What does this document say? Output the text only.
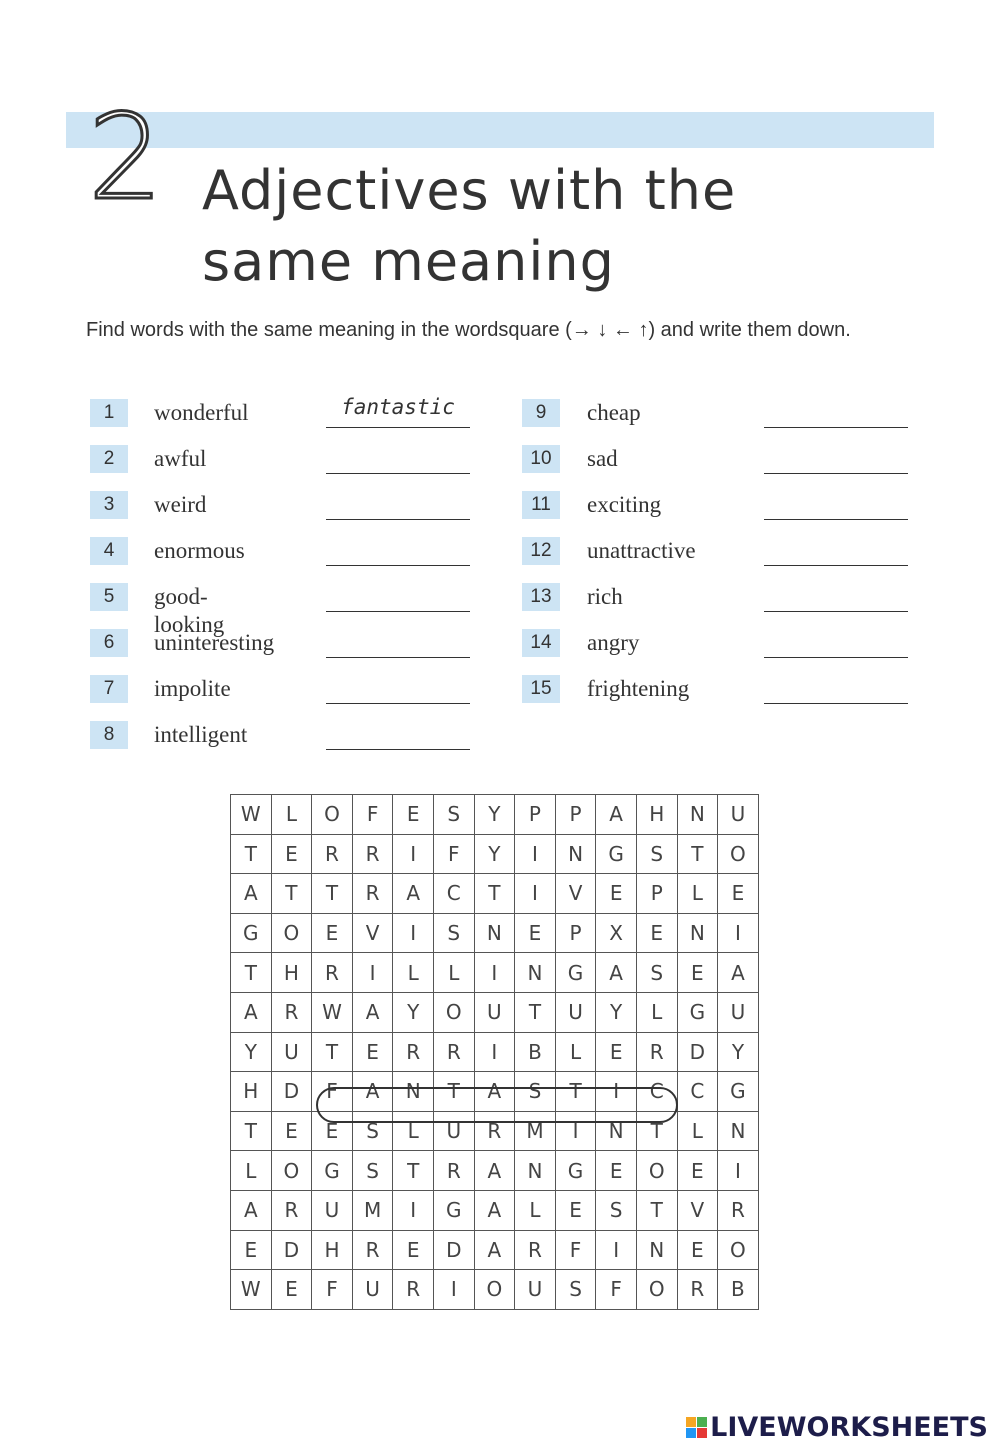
2 Adjectives with the
same meaning

Find words with the same meaning in the wordsquare (→ ↓ ← ↑) and write them down.

1	wonderful	fantastic
2	awful
3	weird
4	enormous
5	good-looking
6	uninteresting
7	impolite
8	intelligent
9	cheap
10	sad
11	exciting
12	unattractive
13	rich
14	angry
15	frightening
W	L	O	F	E	S	Y	P	P	A	H	N	U
T	E	R	R	I	F	Y	I	N	G	S	T	O
A	T	T	R	A	C	T	I	V	E	P	L	E
G	O	E	V	I	S	N	E	P	X	E	N	I
T	H	R	I	L	L	I	N	G	A	S	E	A
A	R	W	A	Y	O	U	T	U	Y	L	G	U
Y	U	T	E	R	R	I	B	L	E	R	D	Y
H	D	F	A	N	T	A	S	T	I	C	C	G
T	E	E	S	L	U	R	M	I	N	T	L	N
L	O	G	S	T	R	A	N	G	E	O	E	I
A	R	U	M	I	G	A	L	E	S	T	V	R
E	D	H	R	E	D	A	R	F	I	N	E	O
W	E	F	U	R	I	O	U	S	F	O	R	B
LIVEWORKSHEETS
